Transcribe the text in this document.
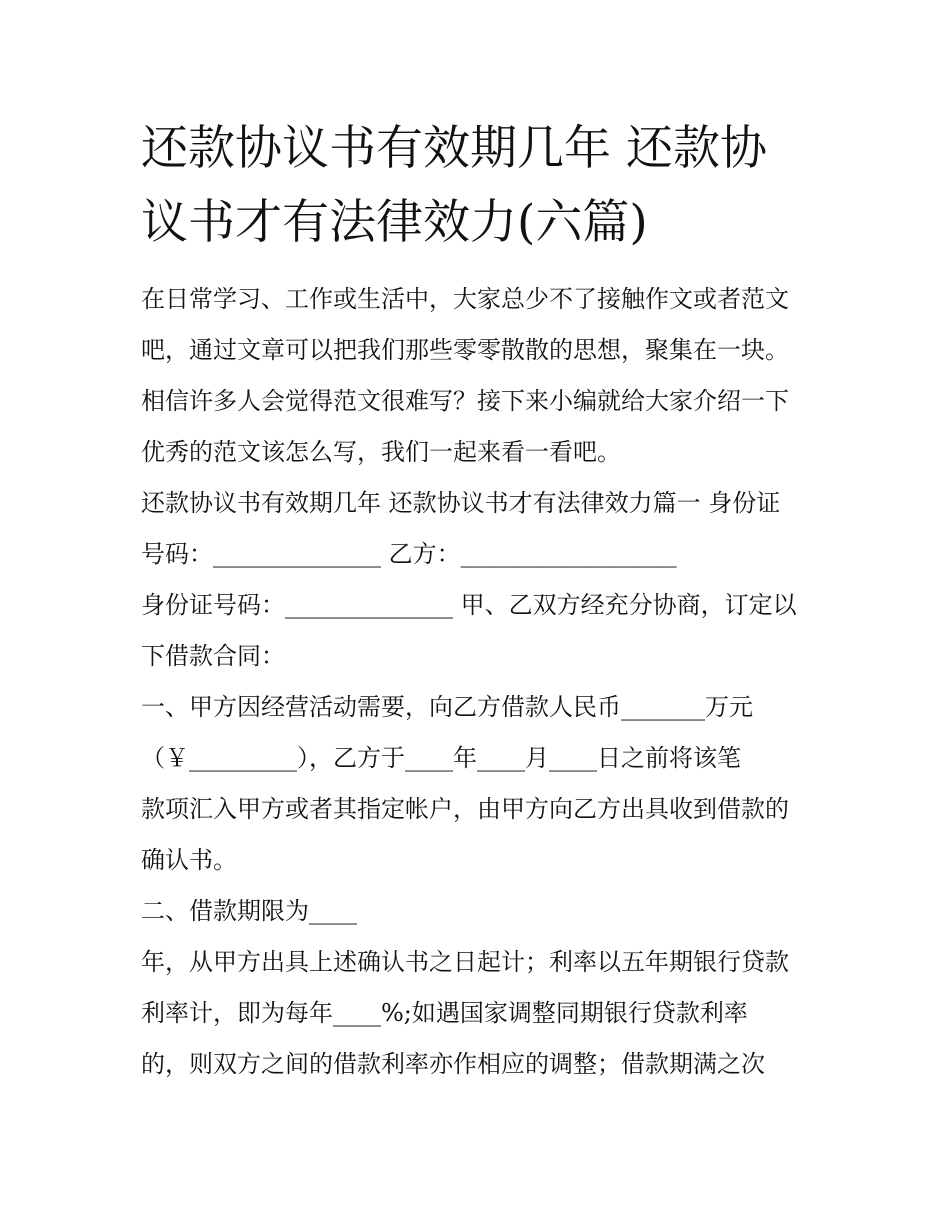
还款协议书有效期几年 还款协
议书才有法律效力(六篇)
在日常学习、工作或生活中，大家总少不了接触作文或者范文
吧，通过文章可以把我们那些零零散散的思想，聚集在一块。
相信许多人会觉得范文很难写？接下来小编就给大家介绍一下
优秀的范文该怎么写，我们一起来看一看吧。
还款协议书有效期几年 还款协议书才有法律效力篇一 身份证
号码：______________ 乙方：__________________
身份证号码：______________ 甲、乙双方经充分协商，订定以
下借款合同：
一、甲方因经营活动需要，向乙方借款人民币_______万元
（￥_________），乙方于____年____月____日之前将该笔
款项汇入甲方或者其指定帐户，由甲方向乙方出具收到借款的
确认书。
二、借款期限为____
年，从甲方出具上述确认书之日起计；利率以五年期银行贷款
利率计，即为每年____%;如遇国家调整同期银行贷款利率
的，则双方之间的借款利率亦作相应的调整；借款期满之次
